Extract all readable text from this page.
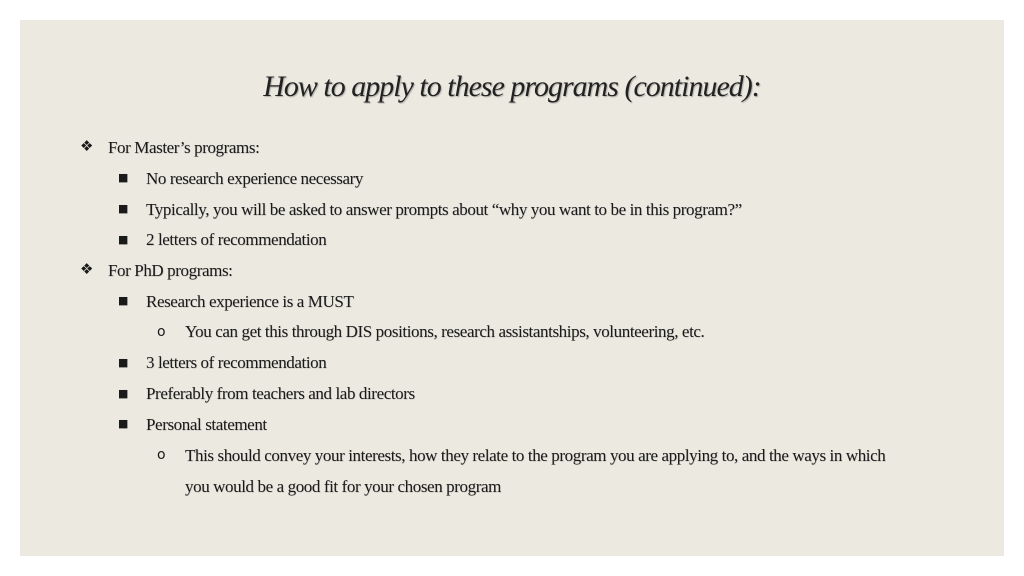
How to apply to these programs (continued):
❖ For Master’s programs:
■ No research experience necessary
■ Typically, you will be asked to answer prompts about “why you want to be in this program?”
■ 2 letters of recommendation
❖ For PhD programs:
■ Research experience is a MUST
o You can get this through DIS positions, research assistantships, volunteering, etc.
■ 3 letters of recommendation
■ Preferably from teachers and lab directors
■ Personal statement
o This should convey your interests, how they relate to the program you are applying to, and the ways in which
you would be a good fit for your chosen program
